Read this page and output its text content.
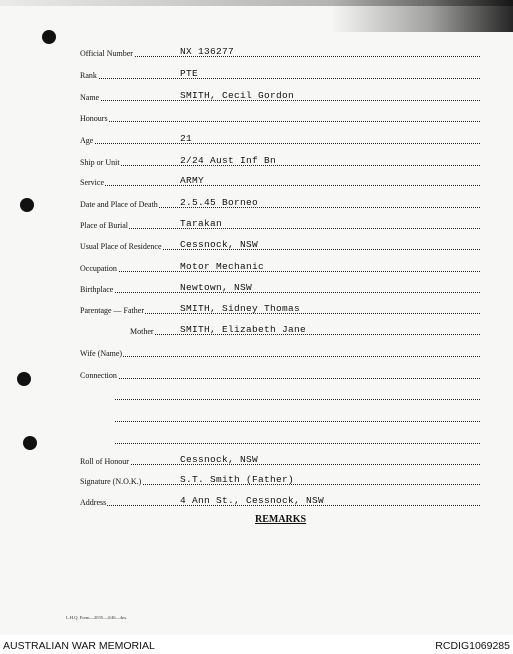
Official Number	NX 136277
Rank	PTE
Name	SMITH, Cecil Gordon
Honours
Age	21
Ship or Unit	2/24 Aust Inf Bn
Service	ARMY
Date and Place of Death 2.5.45 Borneo
Place of Burial	Tarakan
Usual Place of Residence Cessnock, NSW
Occupation	Motor Mechanic
Birthplace	Newtown, NSW
Parentage — Father	SMITH, Sidney Thomas
Mother	SMITH, Elizabeth Jane
Wife (Name)
Connection
Roll of Honour	Cessnock, NSW
Signature (N.O.K.)	S.T. Smith (Father)
Address	4 Ann St., Cessnock, NSW
REMARKS
L.H.Q. Form—2035—4/46—4m.
AUSTRALIAN WAR MEMORIAL	RCDIG1069285
